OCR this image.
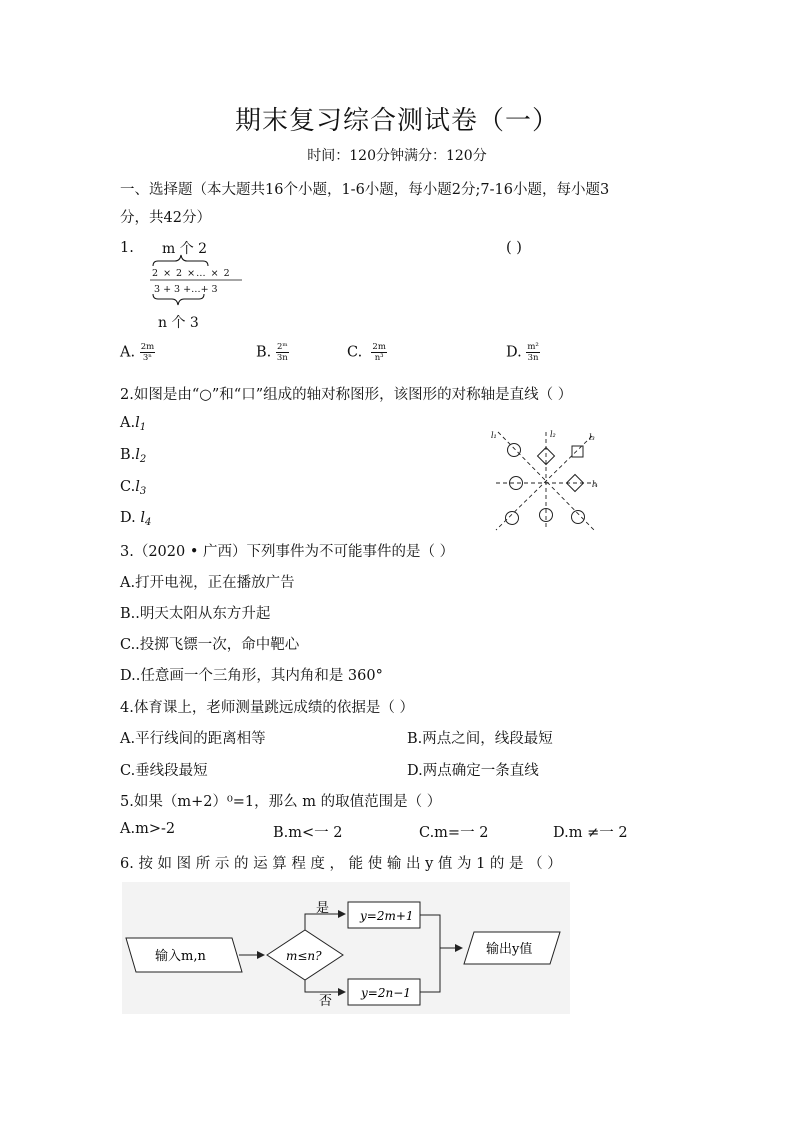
期末复习综合测试卷（一）
时间：120分钟满分：120分
一、选择题（本大题共16个小题，1-6小题，每小题2分;7-16小题，每小题3
分，共42分）
1. m 个 2
2 × 2 ×… × 2
3 + 3 +…+ 3
n 个 3
( )
A. $\frac{2m}{\text{3ⁿ}}$	B. $\frac{\text{2ᵐ}}{3n}$	C. $\frac{2m}{\text{n³}}$	D. $\frac{\text{m²}}{3n}$
2.如图是由“○”和“口”组成的轴对称图形，该图形的对称轴是直线（ ）
$A.l_1$
$B.l_2$
$C.l_3$
D. $l_4$
l₁	l₂	l₃
l₄
3.（2020 • 广西）下列事件为不可能事件的是（ ）
A.打开电视，正在播放广告
B..明天太阳从东方升起
C..投掷飞镖一次，命中靶心
D..任意画一个三角形，其内角和是 360°
4.体育课上，老师测量跳远成绩的依据是（ ）
A.平行线间的距离相等	B.两点之间，线段最短
C.垂线段最短	D.两点确定一条直线
5.如果（m+2）⁰=1，那么 m 的取值范围是（ ）
A.m>-2	B.m<一 2	C.m=一 2	D.m ≠一 2
6. 按 如 图 所 示 的 运 算 程 度 ， 能 使 输 出 y 值 为 1 的 是 （ ）
输入m,n	m≤n?
是
否
y=2m+1
y=2n−1
输出y值
